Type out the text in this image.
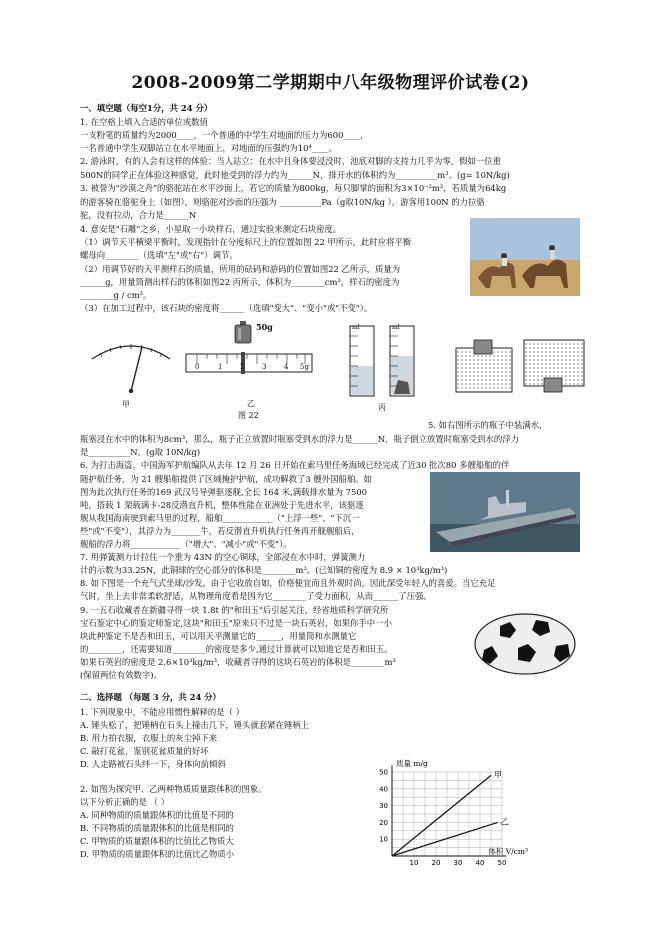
2008-2009第二学期期中八年级物理评价试卷(2)
一、填空题（每空1分，共 24 分）
1. 在空格上填入合适的单位或数值
一支粉笔的质量约为2000____，一个普通的中学生对地面的压力为600____，
一名普通中学生双脚站立在水平地面上，对地面的压强约为10⁴____。
2. 游泳时，有的人会有这样的体验：当人站立：在水中且身体要浸没时，池底对脚的支持力几乎为零，假如一位重
500N的同学正在体验这种感觉，此时他受到的浮力约为______N，排开水的体积约为__________m³。(g= 10N/kg)
3. 被誉为"沙漠之舟"的骆驼站在水平沙面上，若它的质量为800kg，每只脚掌的面积为3×10⁻²m²，若质量为64kg
的游客骑在骆驼身上（如图），则骆驼对沙面的压强为 __________Pa（g取10N/kg ）。游客用100N 的力拉骆
驼，没有拉动，合力是______N
4. 意安是"石雕"之乡，小星取一小块样石，通过实验来测定石块密度。
（1）调节天平横梁平衡时，发现指针在分度标尺上的位置如图 22 甲所示，此时应将平衡
螺母向________（选填"左"或"右"）调节。
（2）用调节好的天平测样石的质量，所用的砝码和游码的位置如图22 乙所示，质量为
______g，用量筒测出样石的体积如图22 丙所示，体积为________cm³，样石的密度为
________g / cm³。
（3）在加工过程中，该石块的密度将______（选填"变大"、"变小"或"不变"）。
甲
50g
0	1	2	3	4 5g
乙
图 22
ml	ml
丙
5. 如右图所示的瓶子中装满水,
瓶塞浸在水中的体积为8cm³，那么，瓶子正立放置时瓶塞受到水的浮力是______N，瓶子倒立放置时瓶塞受到水的浮力
是__________N。(g取 10N/kg)
6. 为打击海盗，中国海军护航编队从去年 12 月 26 日开始在索马里任务海域已经完成了近30 批次80 多艘船舶的伴
随护航任务，为 21 艘船舶提供了区域掩护护航，成功解救了3 艘外国船舶。如
图为此次执行任务的169 武汉号导弹驱逐舰,全长 164 米,满载排水量为 7500
吨，搭载 1 架载满卡-28反潜直升机，整体性能在亚洲处于先进水平，该驱逐
舰从我国海南驶到索马里的过程，船舶____________（"上浮一些"、"下沉一
些"或"不变"），其浮力为_______牛，若反潜直升机执行任务再开舰舰船后，
舰船的浮力将____________（"增大"、"减小"或"不变"）。
7. 用弹簧测力计拉住一个重为 43N 的空心铜球，全部浸在水中时，弹簧测力
计的示数为33.25N，此铜球的空心部分的体积是________m³。(已知铜的密度为 8.9 × 10³kg/m³)
8. 如下图是一个充气式坐球/沙发，由于它收放自如，价格便宜而且外观时尚，因此深受年轻人的喜爱。当它充足
气时，坐上去非常柔软舒适，从物理角度看是因为它________了受力面积，从而______了压强。
9. 一五石收藏者在新疆寻得一块 1.8t 的"和田玉"后引起关注，经省地质科学研究所
宝石鉴定中心的鉴定师鉴定,这块"和田玉"原来只不过是一块石英岩，如果你手中一小
块此种鉴定不是否和田玉，可以用天平测量它的______，用量筒和水测量它
的________，还需要知道________的密度是多少,通过计算就可以知道它是否和田玉。
如果石英岩的密度是 2.6×10³kg/m³，收藏者寻得的这块石英岩的体积是________m³
(保留两位有效数字)。
二、选择题 （每题 3 分，共 24 分）
1. 下列现象中，不能应用惯性解释的是（ ）
A. 锤头松了，把锤柄在石头上撞击几下，锤头就套紧在锤柄上
B. 用力拍衣服，衣服上的灰尘掉下来
C. 敲打花盆，鉴别花盆质量的好坏
D. 人走路被石头绊一下，身体向前倾斜
2. 如图为探究甲、乙两种物质质量跟体积的图象。
以下分析正确的是 （ ）
A. 同种物质的质量跟体积的比值是不同的
B. 不同物质的质量跟体积的比值是相同的
C. 甲物质的质量跟体积的比值比乙物质大
D. 甲物质的质量跟体积的比值比乙物质小
10 20 30 40 50
10
20
30
40
50
质量 m/g
体积 V/cm³
甲
乙
